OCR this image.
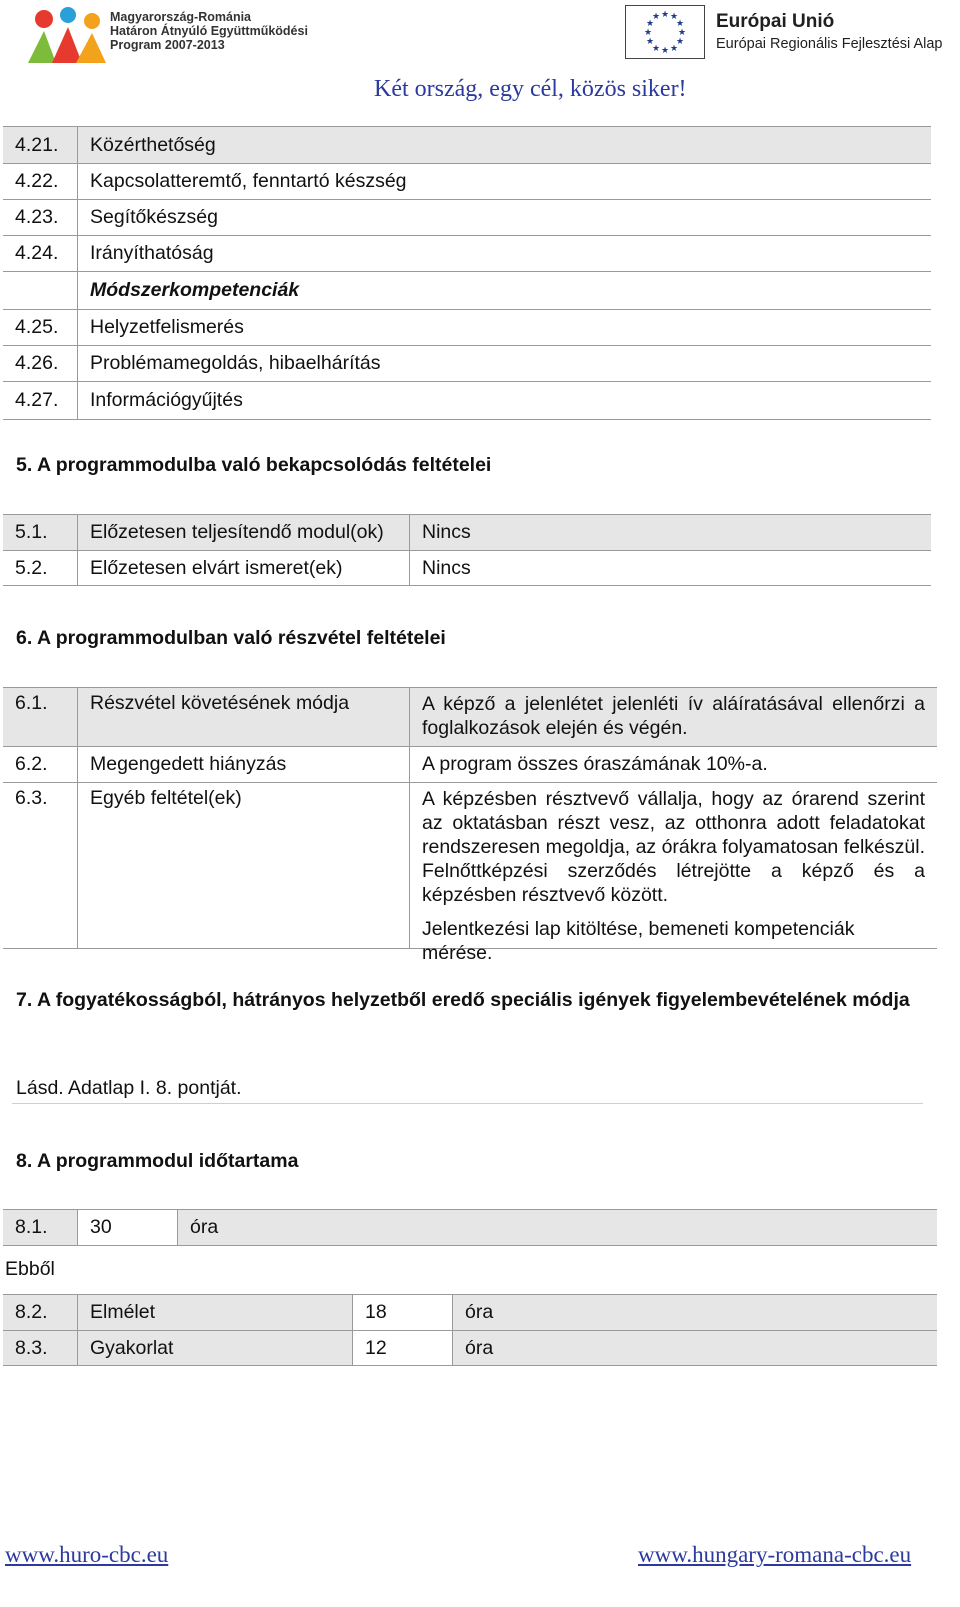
Magyarország-Románia
Határon Átnyúló Együttműködési
Program 2007-2013
★ ★
★
★
★
★
★
★
★
★
★
★	Európai Unió
Európai Regionális Fejlesztési Alap
Két ország, egy cél, közös siker!
4.21.	Közérthetőség
4.22.	Kapcsolatteremtő, fenntartó készség
4.23.	Segítőkészség
4.24.	Irányíthatóság
Módszerkompetenciák
4.25.	Helyzetfelismerés
4.26.	Problémamegoldás, hibaelhárítás
4.27.	Információgyűjtés
5. A programmodulba való bekapcsolódás feltételei
5.1.	Előzetesen teljesítendő modul(ok)	Nincs
5.2.	Előzetesen elvárt ismeret(ek)	Nincs
6. A programmodulban való részvétel feltételei
6.1.	Részvétel követésének módja	A képző a jelenlétet jelenléti ív aláíratásával ellenőrzi a foglalkozások elején és végén.
6.2.	Megengedett hiányzás	A program összes óraszámának 10%-a.
6.3.	Egyéb feltétel(ek)	A képzésben résztvevő vállalja, hogy az órarend szerint az oktatásban részt vesz, az otthonra adott feladatokat rendszeresen megoldja, az órákra folyamatosan felkészül. Felnőttképzési szerződés létrejötte a képző és a képzésben résztvevő között.
Jelentkezési lap kitöltése, bemeneti kompetenciák mérése.
7. A fogyatékosságból, hátrányos helyzetből eredő speciális igények figyelembevételének módja
Lásd. Adatlap I. 8. pontját.
8. A programmodul időtartama
8.1.	30	óra
Ebből
8.2.	Elmélet	18	óra
8.3.	Gyakorlat	12	óra
www.huro-cbc.eu	www.hungary-romana-cbc.eu
